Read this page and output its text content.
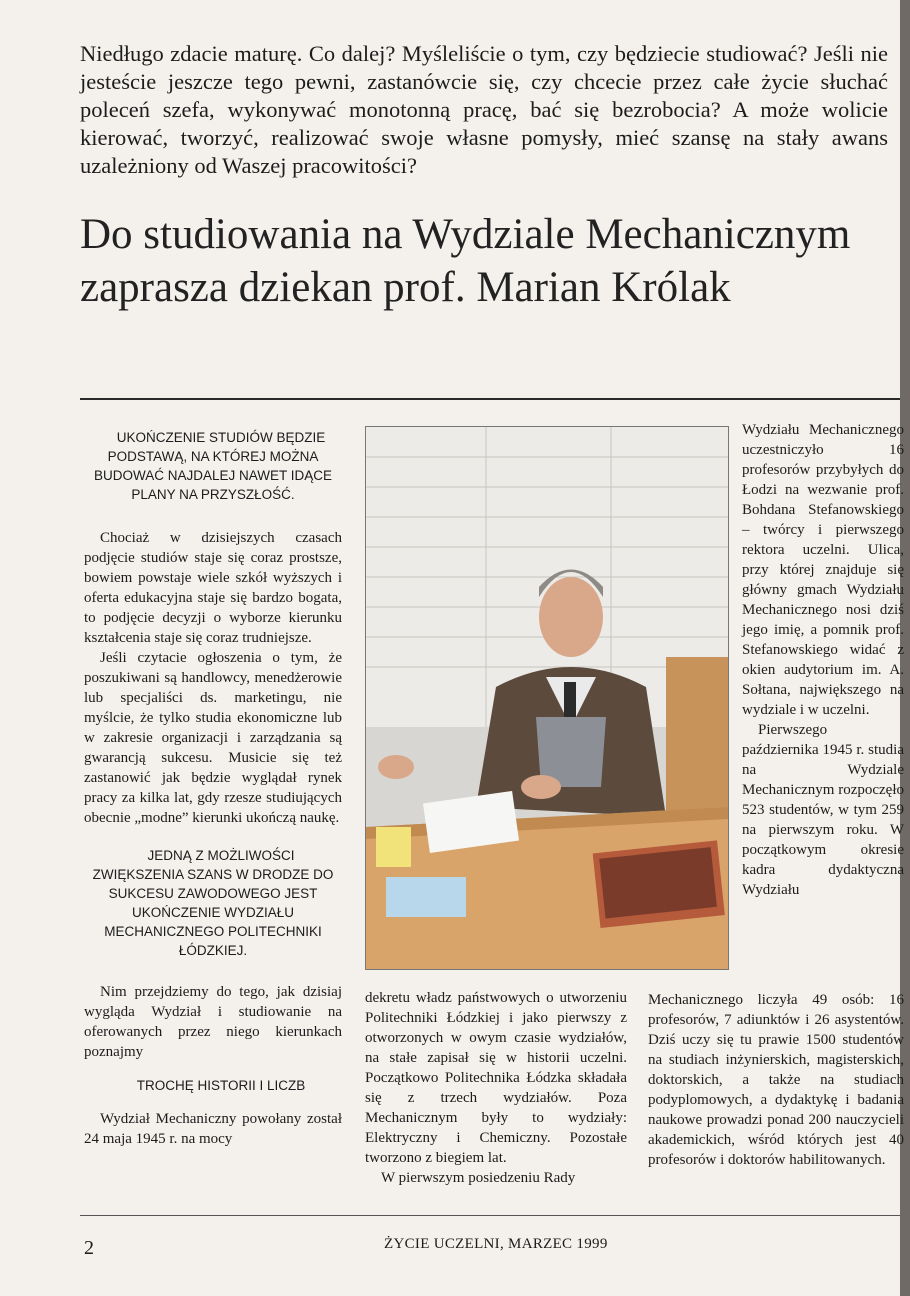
Niedługo zdacie maturę. Co dalej? Myśleliście o tym, czy będziecie studiować? Jeśli nie jesteście jeszcze tego pewni, zastanówcie się, czy chcecie przez całe życie słuchać poleceń szefa, wykonywać monotonną pracę, bać się bezrobocia? A może wolicie kierować, tworzyć, realizować swoje własne pomysły, mieć szansę na stały awans uzależniony od Waszej pracowitości?

Do studiowania na Wydziale Mechanicznym zaprasza dziekan prof. Marian Królak

UKOŃCZENIE STUDIÓW BĘDZIE PODSTAWĄ, NA KTÓREJ MOŻNA BUDOWAĆ NAJDALEJ NAWET IDĄCE PLANY NA PRZYSZŁOŚĆ.

Chociaż w dzisiejszych czasach podjęcie studiów staje się coraz prostsze, bowiem powstaje wiele szkół wyższych i oferta edukacyjna staje się bardzo bogata, to podjęcie decyzji o wyborze kierunku kształcenia staje się coraz trudniejsze.

Jeśli czytacie ogłoszenia o tym, że poszukiwani są handlowcy, menedżerowie lub specjaliści ds. marketingu, nie myślcie, że tylko studia ekonomiczne lub w zakresie organizacji i zarządzania są gwarancją sukcesu. Musicie się też zastanowić jak będzie wyglądał rynek pracy za kilka lat, gdy rzesze studiujących obecnie „modne” kierunki ukończą naukę.

JEDNĄ Z MOŻLIWOŚCI ZWIĘKSZENIA SZANS W DRODZE DO SUKCESU ZAWODOWEGO JEST UKOŃCZENIE WYDZIAŁU MECHANICZNEGO POLITECHNIKI ŁÓDZKIEJ.

Nim przejdziemy do tego, jak dzisiaj wygląda Wydział i studiowanie na oferowanych przez niego kierunkach poznajmy

TROCHĘ HISTORII I LICZB

Wydział Mechaniczny powołany został 24 maja 1945 r. na mocy

Wydziału Mechanicznego uczestniczyło 16 profesorów przybyłych do Łodzi na wezwanie prof. Bohdana Stefanowskiego – twórcy i pierwszego rektora uczelni. Ulica, przy której znajduje się główny gmach Wydziału Mechanicznego nosi dziś jego imię, a pomnik prof. Stefanowskiego widać z okien audytorium im. A. Sołtana, największego na wydziale i w uczelni.

Pierwszego października 1945 r. studia na Wydziale Mechanicznym rozpoczęło 523 studentów, w tym 259 na pierwszym roku. W początkowym okresie kadra dydaktyczna Wydziału

dekretu władz państwowych o utworzeniu Politechniki Łódzkiej i jako pierwszy z otworzonych w owym czasie wydziałów, na stałe zapisał się w historii uczelni. Początkowo Politechnika Łódzka składała się z trzech wydziałów. Poza Mechanicznym były to wydziały: Elektryczny i Chemiczny. Pozostałe tworzono z biegiem lat.

W pierwszym posiedzeniu Rady

Mechanicznego liczyła 49 osób: 16 profesorów, 7 adiunktów i 26 asystentów. Dziś uczy się tu prawie 1500 studentów na studiach inżynierskich, magisterskich, doktorskich, a także na studiach podyplomowych, a dydaktykę i badania naukowe prowadzi ponad 200 nauczycieli akademickich, wśród których jest 40 profesorów i doktorów habilitowanych.

2	ŻYCIE UCZELNI, MARZEC 1999
